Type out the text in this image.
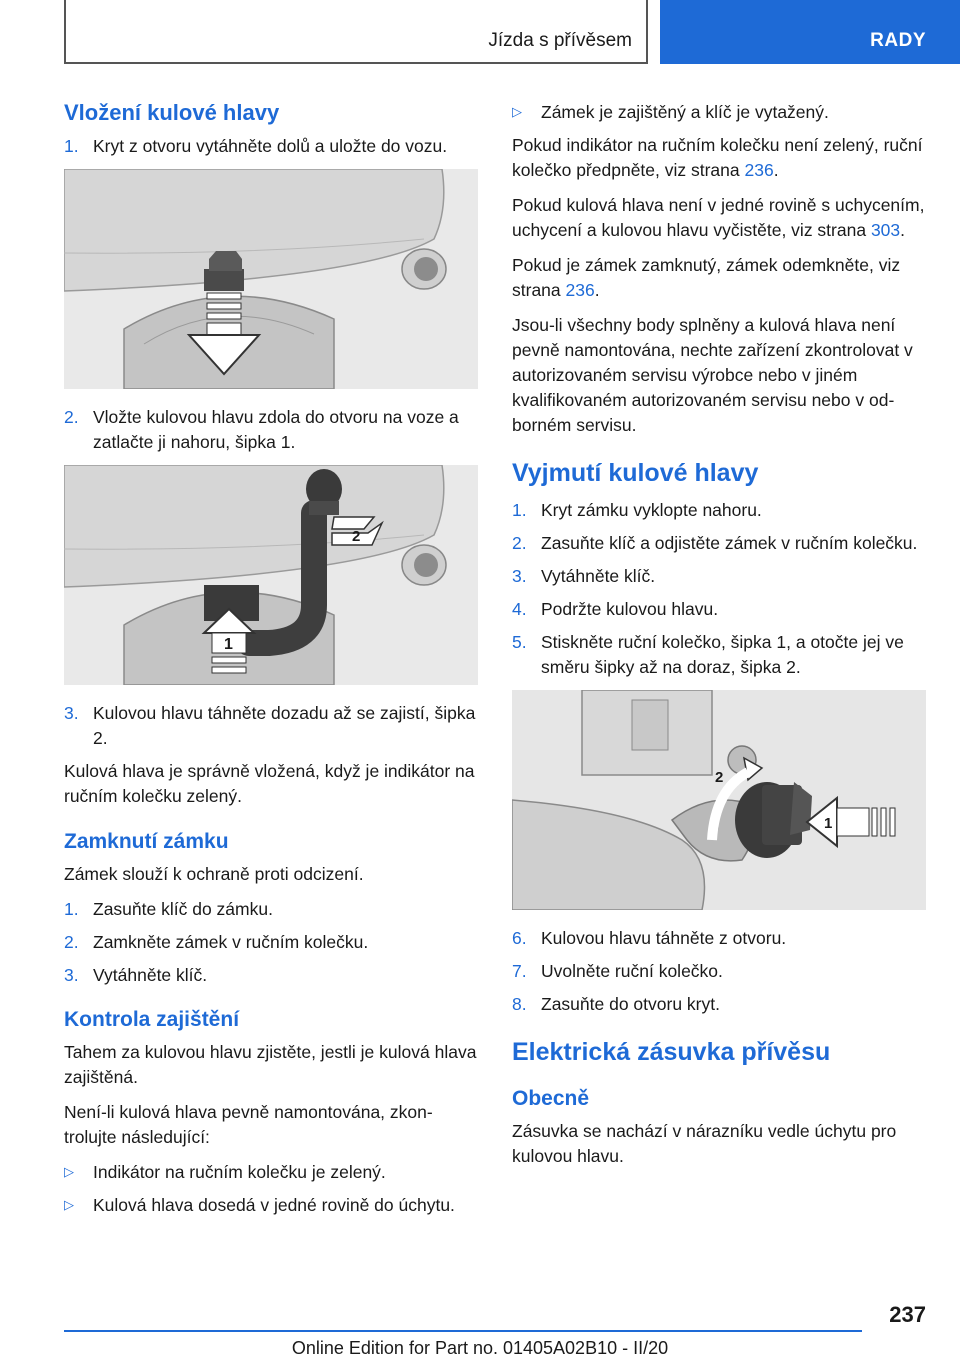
Jízda s přívěsem	RADY
Vložení kulové hlavy
1. Kryt z otvoru vytáhněte dolů a uložte do vozu.
2. Vložte kulovou hlavu zdola do otvoru na voze a zatlačte ji nahoru, šipka 1.
2
1
3. Kulovou hlavu táhněte dozadu až se zajistí, šipka 2.

Kulová hlava je správně vložená, když je indikátor na ručním kolečku zelený.

Zamknutí zámku

Zámek slouží k ochraně proti odcizení.

1. Zasuňte klíč do zámku.
2. Zamkněte zámek v ručním kolečku.
3. Vytáhněte klíč.
Kontrola zajištění

Tahem za kulovou hlavu zjistěte, jestli je kulová hlava zajištěná.

Není-li kulová hlava pevně namontována, zkontrolujte následující:

▷	Indikátor na ručním kolečku je zelený.
▷	Kulová hlava dosedá v jedné rovině do úchytu.
▷	Zámek je zajištěný a klíč je vytažený.

Pokud indikátor na ručním kolečku není zelený, ruční kolečko předpněte, viz strana 236.

Pokud kulová hlava není v jedné rovině s uchycením, uchycení a kulovou hlavu vyčistěte, viz strana 303.

Pokud je zámek zamknutý, zámek odemkněte, viz strana 236.

Jsou-li všechny body splněny a kulová hlava není pevně namontována, nechte zařízení zkontrolovat v autorizovaném servisu výrobce nebo v jiném kvalifikovaném autorizovaném servisu nebo v odborném servisu.

Vyjmutí kulové hlavy
1. Kryt zámku vyklopte nahoru.
2. Zasuňte klíč a odjistěte zámek v ručním kolečku.
3. Vytáhněte klíč.
4. Podržte kulovou hlavu.
5. Stiskněte ruční kolečko, šipka 1, a otočte jej ve směru šipky až na doraz, šipka 2.
2
1
6. Kulovou hlavu táhněte z otvoru.
7. Uvolněte ruční kolečko.
8. Zasuňte do otvoru kryt.
Elektrická zásuvka přívěsu
Obecně

Zásuvka se nachází v nárazníku vedle úchytu pro kulovou hlavu.

237
Online Edition for Part no. 01405A02B10 - II/20
